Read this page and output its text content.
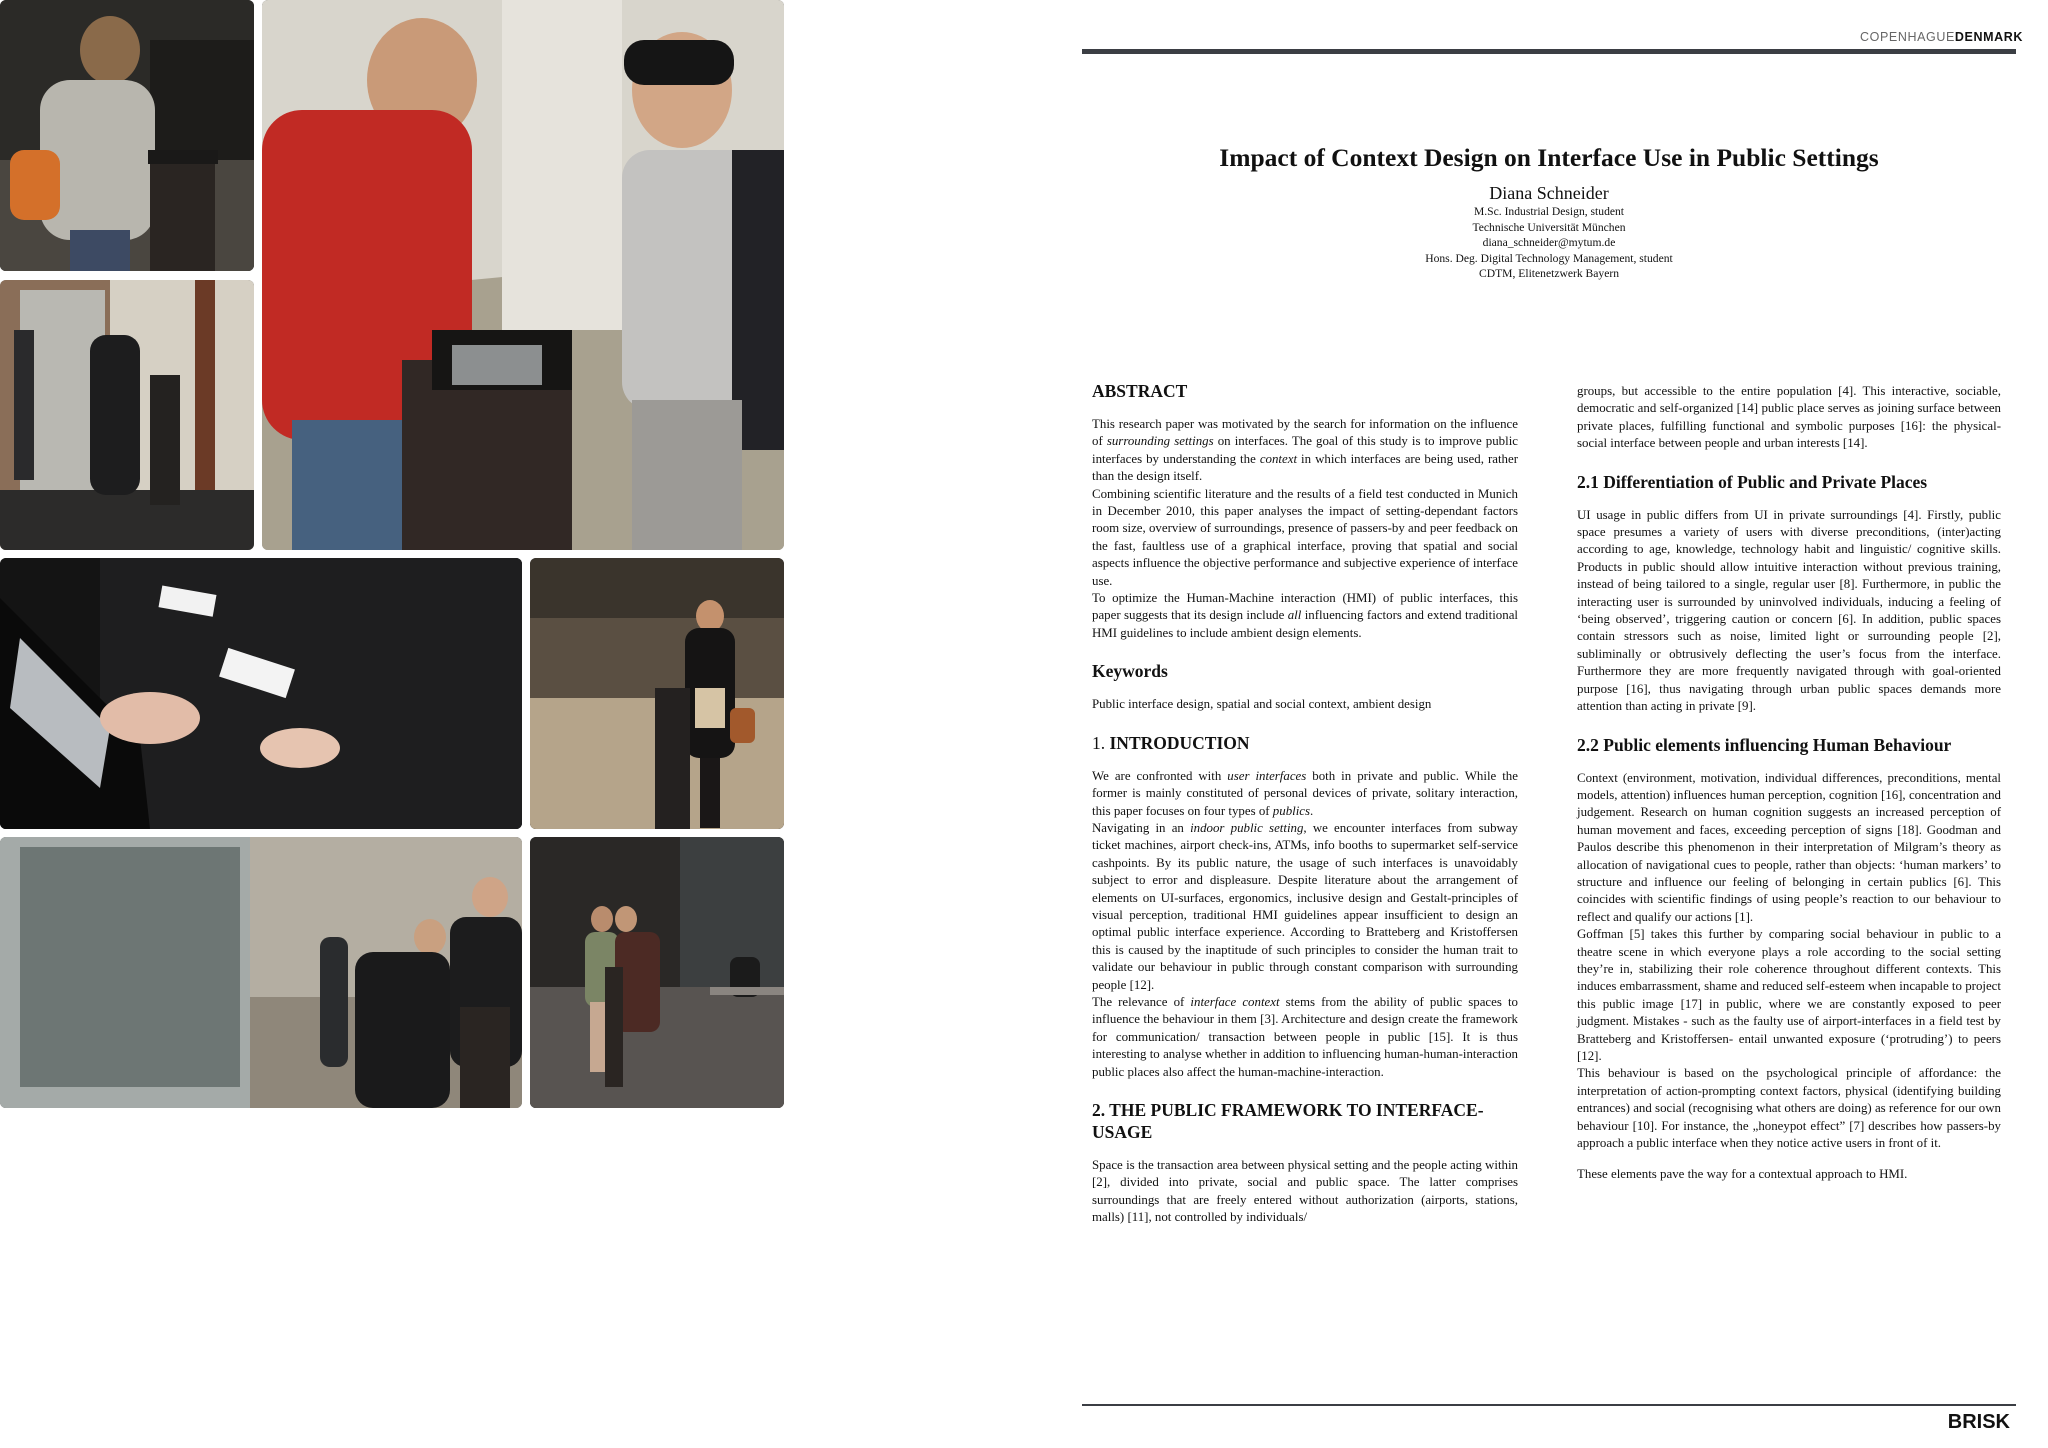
DTU
Danmarks
Tekniske Universitet
COPENHAGUEDENMARK
Impact of Context Design on Interface Use in Public Settings
Diana Schneider
M.Sc. Industrial Design, student
Technische Universität München
diana_schneider@mytum.de
Hons. Deg. Digital Technology Management, student
CDTM, Elitenetzwerk Bayern
ABSTRACT

This research paper was motivated by the search for information on the influence of surrounding settings on interfaces. The goal of this study is to improve public interfaces by understanding the context in which interfaces are being used, rather than the design itself.

Combining scientific literature and the results of a field test conducted in Munich in December 2010, this paper analyses the impact of setting-dependant factors room size, overview of surroundings, presence of passers-by and peer feedback on the fast, faultless use of a graphical interface, proving that spatial and social aspects influence the objective performance and subjective experience of interface use.

To optimize the Human-Machine interaction (HMI) of public interfaces, this paper suggests that its design include all influencing factors and extend traditional HMI guidelines to include ambient design elements.

Keywords

Public interface design, spatial and social context, ambient design

1. INTRODUCTION

We are confronted with user interfaces both in private and public. While the former is mainly constituted of personal devices of private, solitary interaction, this paper focuses on four types of publics.

Navigating in an indoor public setting, we encounter interfaces from subway ticket machines, airport check-ins, ATMs, info booths to supermarket self-service cashpoints. By its public nature, the usage of such interfaces is unavoidably subject to error and displeasure. Despite literature about the arrangement of elements on UI-surfaces, ergonomics, inclusive design and Gestalt-principles of visual perception, traditional HMI guidelines appear insufficient to design an optimal public interface experience. According to Bratteberg and Kristoffersen this is caused by the inaptitude of such principles to consider the human trait to validate our behaviour in public through constant comparison with surrounding people [12].

The relevance of interface context stems from the ability of public spaces to influence the behaviour in them [3]. Architecture and design create the framework for communication/ transaction between people in public [15]. It is thus interesting to analyse whether in addition to influencing human-human-interaction public places also affect the human-machine-interaction.

2. THE PUBLIC FRAMEWORK TO INTERFACE-USAGE

Space is the transaction area between physical setting and the people acting within [2], divided into private, social and public space. The latter comprises surroundings that are freely entered without authorization (airports, stations, malls) [11], not controlled by individuals/

groups, but accessible to the entire population [4]. This interactive, sociable, democratic and self-organized [14] public place serves as joining surface between private places, fulfilling functional and symbolic purposes [16]: the physical-social interface between people and urban interests [14].

2.1 Differentiation of Public and Private Places

UI usage in public differs from UI in private surroundings [4]. Firstly, public space presumes a variety of users with diverse preconditions, (inter)acting according to age, knowledge, technology habit and linguistic/ cognitive skills. Products in public should allow intuitive interaction without previous training, instead of being tailored to a single, regular user [8]. Furthermore, in public the interacting user is surrounded by uninvolved individuals, inducing a feeling of ‘being observed’, triggering caution or concern [6]. In addition, public spaces contain stressors such as noise, limited light or surrounding people [2], subliminally or obtrusively deflecting the user’s focus from the interface. Furthermore they are more frequently navigated through with goal-oriented purpose [16], thus navigating through urban public spaces demands more attention than acting in private [9].

2.2 Public elements influencing Human Behaviour

Context (environment, motivation, individual differences, preconditions, mental models, attention) influences human perception, cognition [16], concentration and judgement. Research on human cognition suggests an increased perception of human movement and faces, exceeding perception of signs [18]. Goodman and Paulos describe this phenomenon in their interpretation of Milgram’s theory as allocation of navigational cues to people, rather than objects: ‘human markers’ to structure and influence our feeling of belonging in certain publics [6]. This coincides with scientific findings of using people’s reaction to our behaviour to reflect and qualify our actions [1].

Goffman [5] takes this further by comparing social behaviour in public to a theatre scene in which everyone plays a role according to the social setting they’re in, stabilizing their role coherence throughout different contexts. This induces embarrassment, shame and reduced self-esteem when incapable to project this public image [17] in public, where we are constantly exposed to peer judgment. Mistakes - such as the faulty use of airport-interfaces in a field test by Bratteberg and Kristoffersen- entail unwanted exposure (‘protruding’) to peers [12].

This behaviour is based on the psychological principle of affordance: the interpretation of action-prompting context factors, physical (identifying building entrances) and social (recognising what others are doing) as reference for our own behaviour [10]. For instance, the „honeypot effect” [7] describes how passers-by approach a public interface when they notice active users in front of it.

These elements pave the way for a contextual approach to HMI.

BRISK
